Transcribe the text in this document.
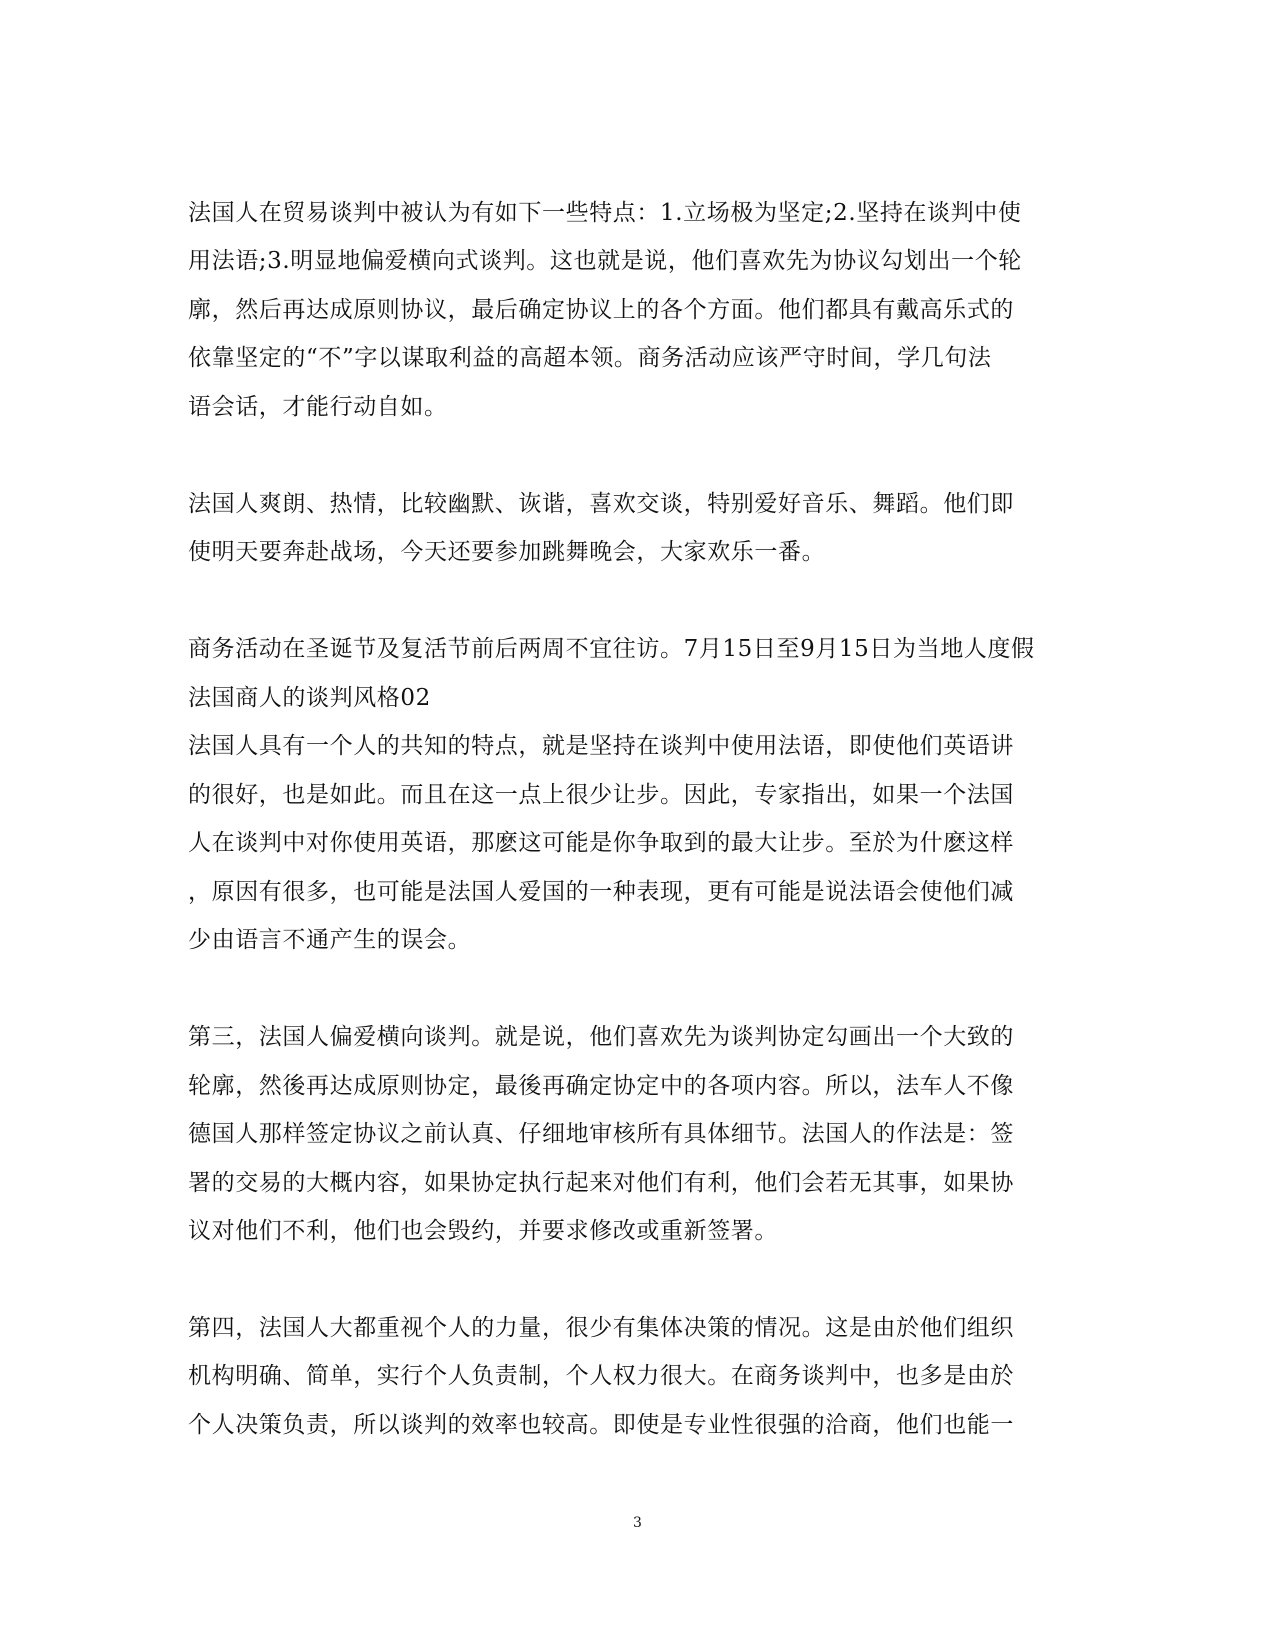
法国人在贸易谈判中被认为有如下一些特点：1.立场极为坚定;2.坚持在谈判中使
用法语;3.明显地偏爱横向式谈判。这也就是说，他们喜欢先为协议勾划出一个轮
廓，然后再达成原则协议，最后确定协议上的各个方面。他们都具有戴高乐式的
依靠坚定的“不”字以谋取利益的高超本领。商务活动应该严守时间，学几句法
语会话，才能行动自如。
法国人爽朗、热情，比较幽默、诙谐，喜欢交谈，特别爱好音乐、舞蹈。他们即
使明天要奔赴战场，今天还要参加跳舞晚会，大家欢乐一番。
商务活动在圣诞节及复活节前后两周不宜往访。7月15日至9月15日为当地人度假
法国商人的谈判风格02
法国人具有一个人的共知的特点，就是坚持在谈判中使用法语，即使他们英语讲
的很好，也是如此。而且在这一点上很少让步。因此，专家指出，如果一个法国
人在谈判中对你使用英语，那麽这可能是你争取到的最大让步。至於为什麽这样
，原因有很多，也可能是法国人爱国的一种表现，更有可能是说法语会使他们减
少由语言不通产生的误会。
第三，法国人偏爱横向谈判。就是说，他们喜欢先为谈判协定勾画出一个大致的
轮廓，然後再达成原则协定，最後再确定协定中的各项内容。所以，法车人不像
德国人那样签定协议之前认真、仔细地审核所有具体细节。法国人的作法是：签
署的交易的大概内容，如果协定执行起来对他们有利，他们会若无其事，如果协
议对他们不利，他们也会毁约，并要求修改或重新签署。
第四，法国人大都重视个人的力量，很少有集体决策的情况。这是由於他们组织
机构明确、简单，实行个人负责制，个人权力很大。在商务谈判中，也多是由於
个人决策负责，所以谈判的效率也较高。即使是专业性很强的洽商，他们也能一
3
